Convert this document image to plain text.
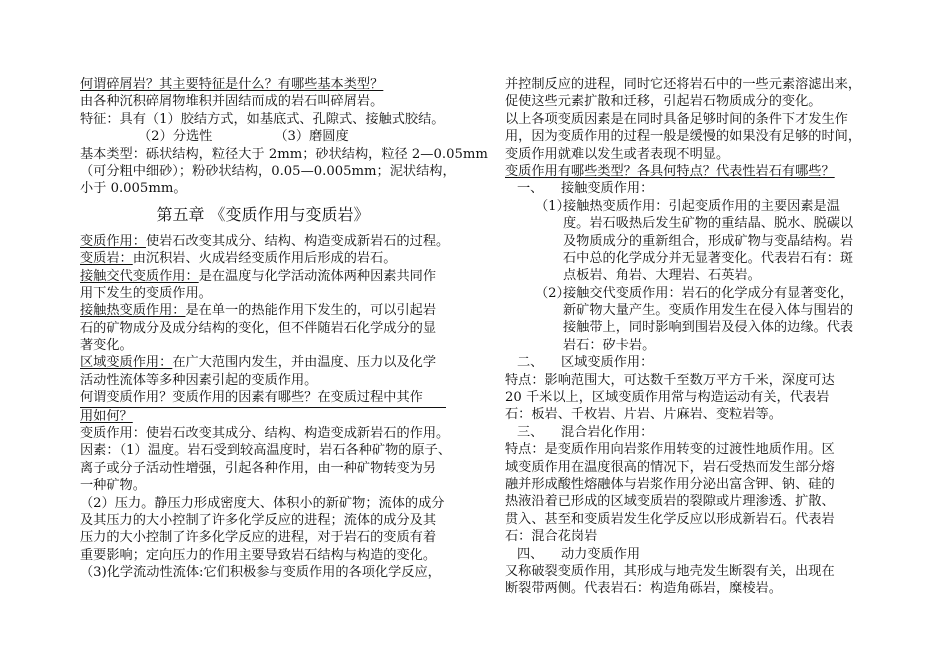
何谓碎屑岩？其主要特征是什么？有哪些基本类型？
由各种沉积碎屑物堆积并固结而成的岩石叫碎屑岩。
特征：具有（1）胶结方式，如基底式、孔隙式、接触式胶结。
（2）分选性	（3）磨圆度
基本类型：砾状结构，粒径大于 2mm；砂状结构，粒径 2—0.05mm
（可分粗中细砂）；粉砂状结构，0.05—0.005mm；泥状结构，
小于 0.005mm。
第五章 《变质作用与变质岩》
变质作用：使岩石改变其成分、结构、构造变成新岩石的过程。
变质岩：由沉积岩、火成岩经变质作用后形成的岩石。
接触交代变质作用：是在温度与化学活动流体两种因素共同作
用下发生的变质作用。
接触热变质作用：是在单一的热能作用下发生的，可以引起岩
石的矿物成分及成分结构的变化，但不伴随岩石化学成分的显
著变化。
区域变质作用：在广大范围内发生，并由温度、压力以及化学
活动性流体等多种因素引起的变质作用。
何谓变质作用？变质作用的因素有哪些？在变质过程中其作
用如何？
变质作用：使岩石改变其成分、结构、构造变成新岩石的作用。
因素：（1）温度。岩石受到较高温度时，岩石各种矿物的原子、
离子或分子活动性增强，引起各种作用，由一种矿物转变为另
一种矿物。
（2）压力。静压力形成密度大、体积小的新矿物；流体的成分
及其压力的大小控制了许多化学反应的进程；流体的成分及其
压力的大小控制了许多化学反应的进程，对于岩石的变质有着
重要影响；定向压力的作用主要导致岩石结构与构造的变化。
（3)化学流动性流体:它们积极参与变质作用的各项化学反应，
并控制反应的进程，同时它还将岩石中的一些元素溶滤出来，
促使这些元素扩散和迁移，引起岩石物质成分的变化。
以上各项变质因素是在同时具备足够时间的条件下才发生作
用，因为变质作用的过程一般是缓慢的如果没有足够的时间，
变质作用就难以发生或者表现不明显。
变质作用有哪些类型？各具何特点？代表性岩石有哪些？
一、 接触变质作用：
（1）接触热变质作用：引起变质作用的主要因素是温
度。岩石吸热后发生矿物的重结晶、脱水、脱碳以
及物质成分的重新组合，形成矿物与变晶结构。岩
石中总的化学成分并无显著变化。代表岩石有：斑
点板岩、角岩、大理岩、石英岩。
（2）接触交代变质作用：岩石的化学成分有显著变化，
新矿物大量产生。变质作用发生在侵入体与围岩的
接触带上，同时影响到围岩及侵入体的边缘。代表
岩石：矽卡岩。
二、 区域变质作用：
特点：影响范围大，可达数千至数万平方千米，深度可达
20 千米以上，区域变质作用常与构造运动有关，代表岩
石：板岩、千枚岩、片岩、片麻岩、变粒岩等。
三、 混合岩化作用：
特点：是变质作用向岩浆作用转变的过渡性地质作用。区
域变质作用在温度很高的情况下，岩石受热而发生部分熔
融并形成酸性熔融体与岩浆作用分泌出富含钾、钠、硅的
热液沿着已形成的区域变质岩的裂隙或片理渗透、扩散、
贯入、甚至和变质岩发生化学反应以形成新岩石。代表岩
石：混合花岗岩
四、 动力变质作用
又称破裂变质作用，其形成与地壳发生断裂有关，出现在
断裂带两侧。代表岩石：构造角砾岩，糜棱岩。
